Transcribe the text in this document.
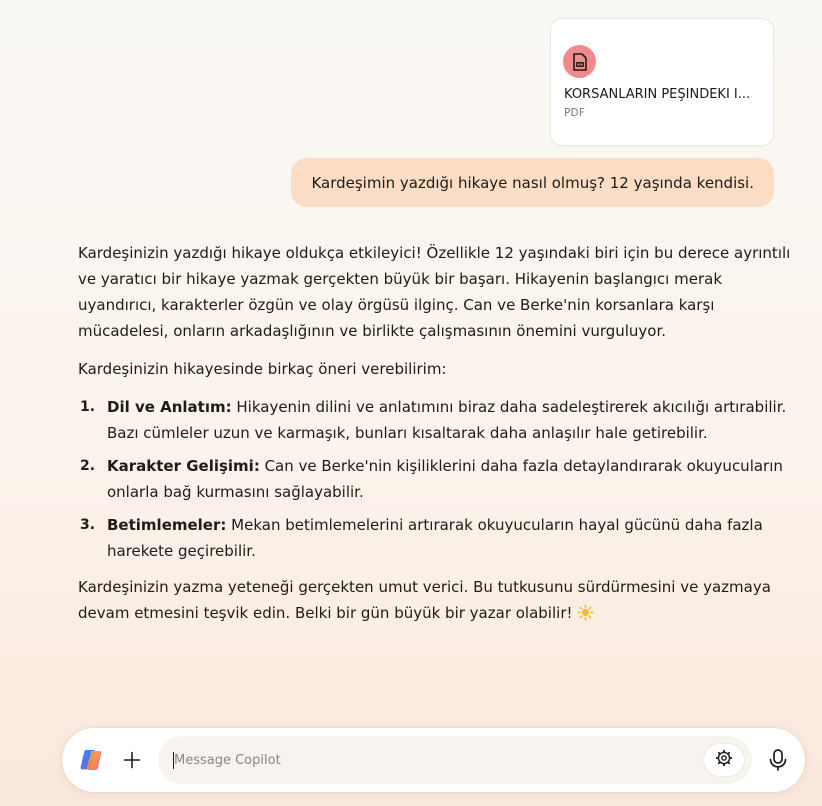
KORSANLARIN PEŞİNDEKİ İ...
PDF
Kardeşimin yazdığı hikaye nasıl olmuş? 12 yaşında kendisi.

Kardeşinizin yazdığı hikaye oldukça etkileyici! Özellikle 12 yaşındaki biri için bu derece ayrıntılı ve yaratıcı bir hikaye yazmak gerçekten büyük bir başarı. Hikayenin başlangıcı merak uyandırıcı, karakterler özgün ve olay örgüsü ilginç. Can ve Berke'nin korsanlara karşı mücadelesi, onların arkadaşlığının ve birlikte çalışmasının önemini vurguluyor.

Kardeşinizin hikayesinde birkaç öneri verebilirim:

1. Dil ve Anlatım: Hikayenin dilini ve anlatımını biraz daha sadeleştirerek akıcılığı artırabilir. Bazı cümleler uzun ve karmaşık, bunları kısaltarak daha anlaşılır hale getirebilir.
2. Karakter Gelişimi: Can ve Berke'nin kişiliklerini daha fazla detaylandırarak okuyucuların onlarla bağ kurmasını sağlayabilir.
3. Betimlemeler: Mekan betimlemelerini artırarak okuyucuların hayal gücünü daha fazla harekete geçirebilir.

Kardeşinizin yazma yeteneği gerçekten umut verici. Bu tutkusunu sürdürmesini ve yazmaya devam etmesini teşvik edin. Belki bir gün büyük bir yazar olabilir!

Message Copilot
